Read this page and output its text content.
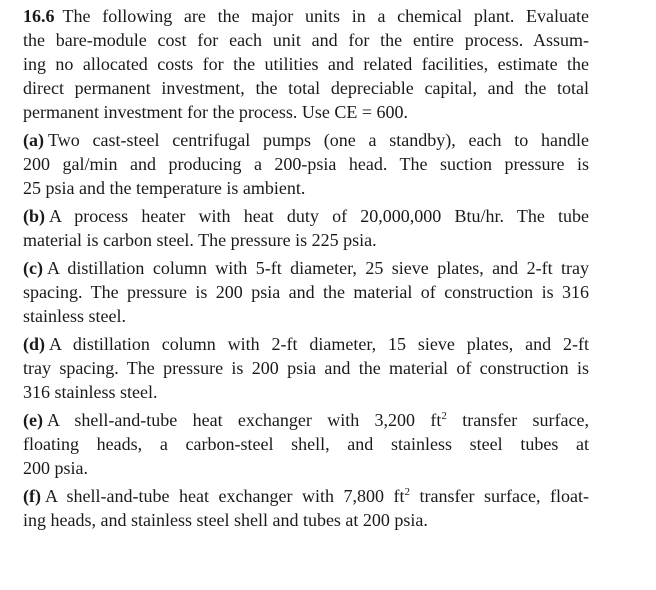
16.6 The following are the major units in a chemical plant. Evaluate
the bare-module cost for each unit and for the entire process. Assum-
ing no allocated costs for the utilities and related facilities, estimate the
direct permanent investment, the total depreciable capital, and the total
permanent investment for the process. Use CE = 600.
(a) Two cast-steel centrifugal pumps (one a standby), each to handle
200 gal/min and producing a 200-psia head. The suction pressure is
25 psia and the temperature is ambient.
(b) A process heater with heat duty of 20,000,000 Btu/hr. The tube
material is carbon steel. The pressure is 225 psia.
(c) A distillation column with 5-ft diameter, 25 sieve plates, and 2-ft tray
spacing. The pressure is 200 psia and the material of construction is 316
stainless steel.
(d) A distillation column with 2-ft diameter, 15 sieve plates, and 2-ft
tray spacing. The pressure is 200 psia and the material of construction is
316 stainless steel.
(e) A shell-and-tube heat exchanger with 3,200 $ft^2$ transfer surface,
floating heads, a carbon-steel shell, and stainless steel tubes at
200 psia.
(f) A shell-and-tube heat exchanger with 7,800 $ft^2$ transfer surface, float-
ing heads, and stainless steel shell and tubes at 200 psia.
